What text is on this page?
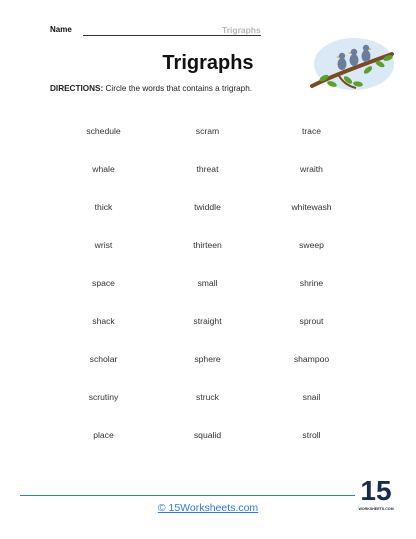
Name	Trigraphs
Trigraphs
DIRECTIONS: Circle the words that contains a trigraph.
schedule	scram	trace
whale	threat	wraith
thick	twiddle	whitewash
wrist	thirteen	sweep
space	small	shrine
shack	straight	sprout
scholar	sphere	shampoo
scrutiny	struck	snail
place	squalid	stroll
© 15Worksheets.com
15
WORKSHEETS.COM
